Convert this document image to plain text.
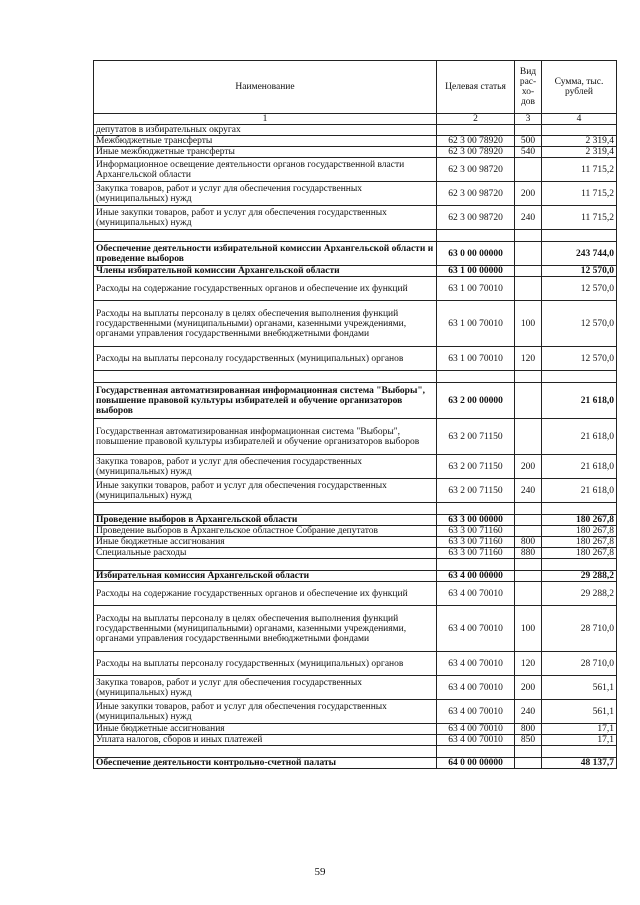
Наименование	Целевая статья	Вид рас- хо- дов	Сумма, тыс. рублей
1	2	3	4
депутатов в избирательных округах			
Межбюджетные трансферты	62 3 00 78920	500	2 319,4
Иные межбюджетные трансферты	62 3 00 78920	540	2 319,4
Информационное освещение деятельности органов государственной власти Архангельской области	62 3 00 98720		11 715,2
Закупка товаров, работ и услуг для обеспечения государственных (муниципальных) нужд	62 3 00 98720	200	11 715,2
Иные закупки товаров, работ и услуг для обеспечения государственных (муниципальных) нужд	62 3 00 98720	240	11 715,2

Обеспечение деятельности избирательной комиссии Архангельской области и проведение выборов	63 0 00 00000		243 744,0
Члены избирательной комиссии Архангельской области	63 1 00 00000		12 570,0
Расходы на содержание государственных органов и обеспечение их функций	63 1 00 70010		12 570,0
Расходы на выплаты персоналу в целях обеспечения выполнения функций государственными (муниципальными) органами, казенными учреждениями, органами управления государственными внебюджетными фондами	63 1 00 70010	100	12 570,0
Расходы на выплаты персоналу государственных (муниципальных) органов	63 1 00 70010	120	12 570,0

Государственная автоматизированная информационная система "Выборы", повышение правовой культуры избирателей и обучение организаторов выборов	63 2 00 00000		21 618,0
Государственная автоматизированная информационная система "Выборы", повышение правовой культуры избирателей и обучение организаторов выборов	63 2 00 71150		21 618,0
Закупка товаров, работ и услуг для обеспечения государственных (муниципальных) нужд	63 2 00 71150	200	21 618,0
Иные закупки товаров, работ и услуг для обеспечения государственных (муниципальных) нужд	63 2 00 71150	240	21 618,0

Проведение выборов в Архангельской области	63 3 00 00000		180 267,8
Проведение выборов в Архангельское областное Собрание депутатов	63 3 00 71160		180 267,8
Иные бюджетные ассигнования	63 3 00 71160	800	180 267,8
Специальные расходы	63 3 00 71160	880	180 267,8

Избирательная комиссия Архангельской области	63 4 00 00000		29 288,2
Расходы на содержание государственных органов и обеспечение их функций	63 4 00 70010		29 288,2
Расходы на выплаты персоналу в целях обеспечения выполнения функций государственными (муниципальными) органами, казенными учреждениями, органами управления государственными внебюджетными фондами	63 4 00 70010	100	28 710,0
Расходы на выплаты персоналу государственных (муниципальных) органов	63 4 00 70010	120	28 710,0
Закупка товаров, работ и услуг для обеспечения государственных (муниципальных) нужд	63 4 00 70010	200	561,1
Иные закупки товаров, работ и услуг для обеспечения государственных (муниципальных) нужд	63 4 00 70010	240	561,1
Иные бюджетные ассигнования	63 4 00 70010	800	17,1
Уплата налогов, сборов и иных платежей	63 4 00 70010	850	17,1

Обеспечение деятельности контрольно-счетной палаты	64 0 00 00000		48 137,7
59
